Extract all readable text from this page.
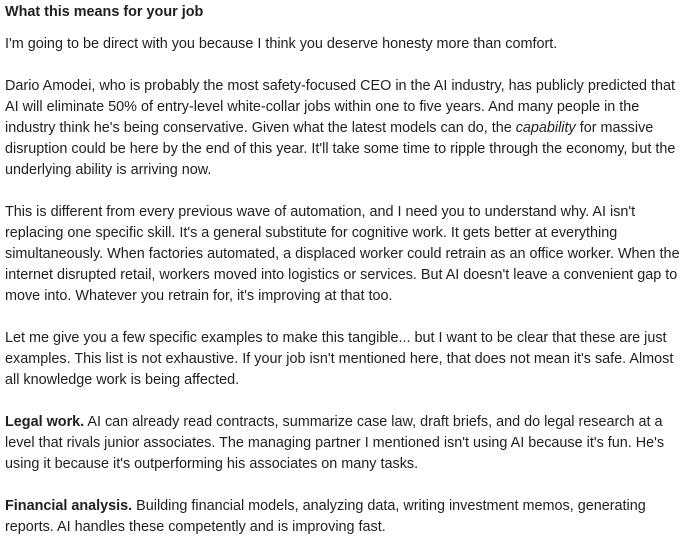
What this means for your job

I'm going to be direct with you because I think you deserve honesty more than comfort.

Dario Amodei, who is probably the most safety-focused CEO in the AI industry, has publicly predicted that AI will eliminate 50% of entry-level white-collar jobs within one to five years. And many people in the industry think he's being conservative. Given what the latest models can do, the capability for massive disruption could be here by the end of this year. It'll take some time to ripple through the economy, but the underlying ability is arriving now.

This is different from every previous wave of automation, and I need you to understand why. AI isn't replacing one specific skill. It's a general substitute for cognitive work. It gets better at everything simultaneously. When factories automated, a displaced worker could retrain as an office worker. When the internet disrupted retail, workers moved into logistics or services. But AI doesn't leave a convenient gap to move into. Whatever you retrain for, it's improving at that too.

Let me give you a few specific examples to make this tangible... but I want to be clear that these are just examples. This list is not exhaustive. If your job isn't mentioned here, that does not mean it's safe. Almost all knowledge work is being affected.

Legal work. AI can already read contracts, summarize case law, draft briefs, and do legal research at a level that rivals junior associates. The managing partner I mentioned isn't using AI because it's fun. He's using it because it's outperforming his associates on many tasks.

Financial analysis. Building financial models, analyzing data, writing investment memos, generating reports. AI handles these competently and is improving fast.
